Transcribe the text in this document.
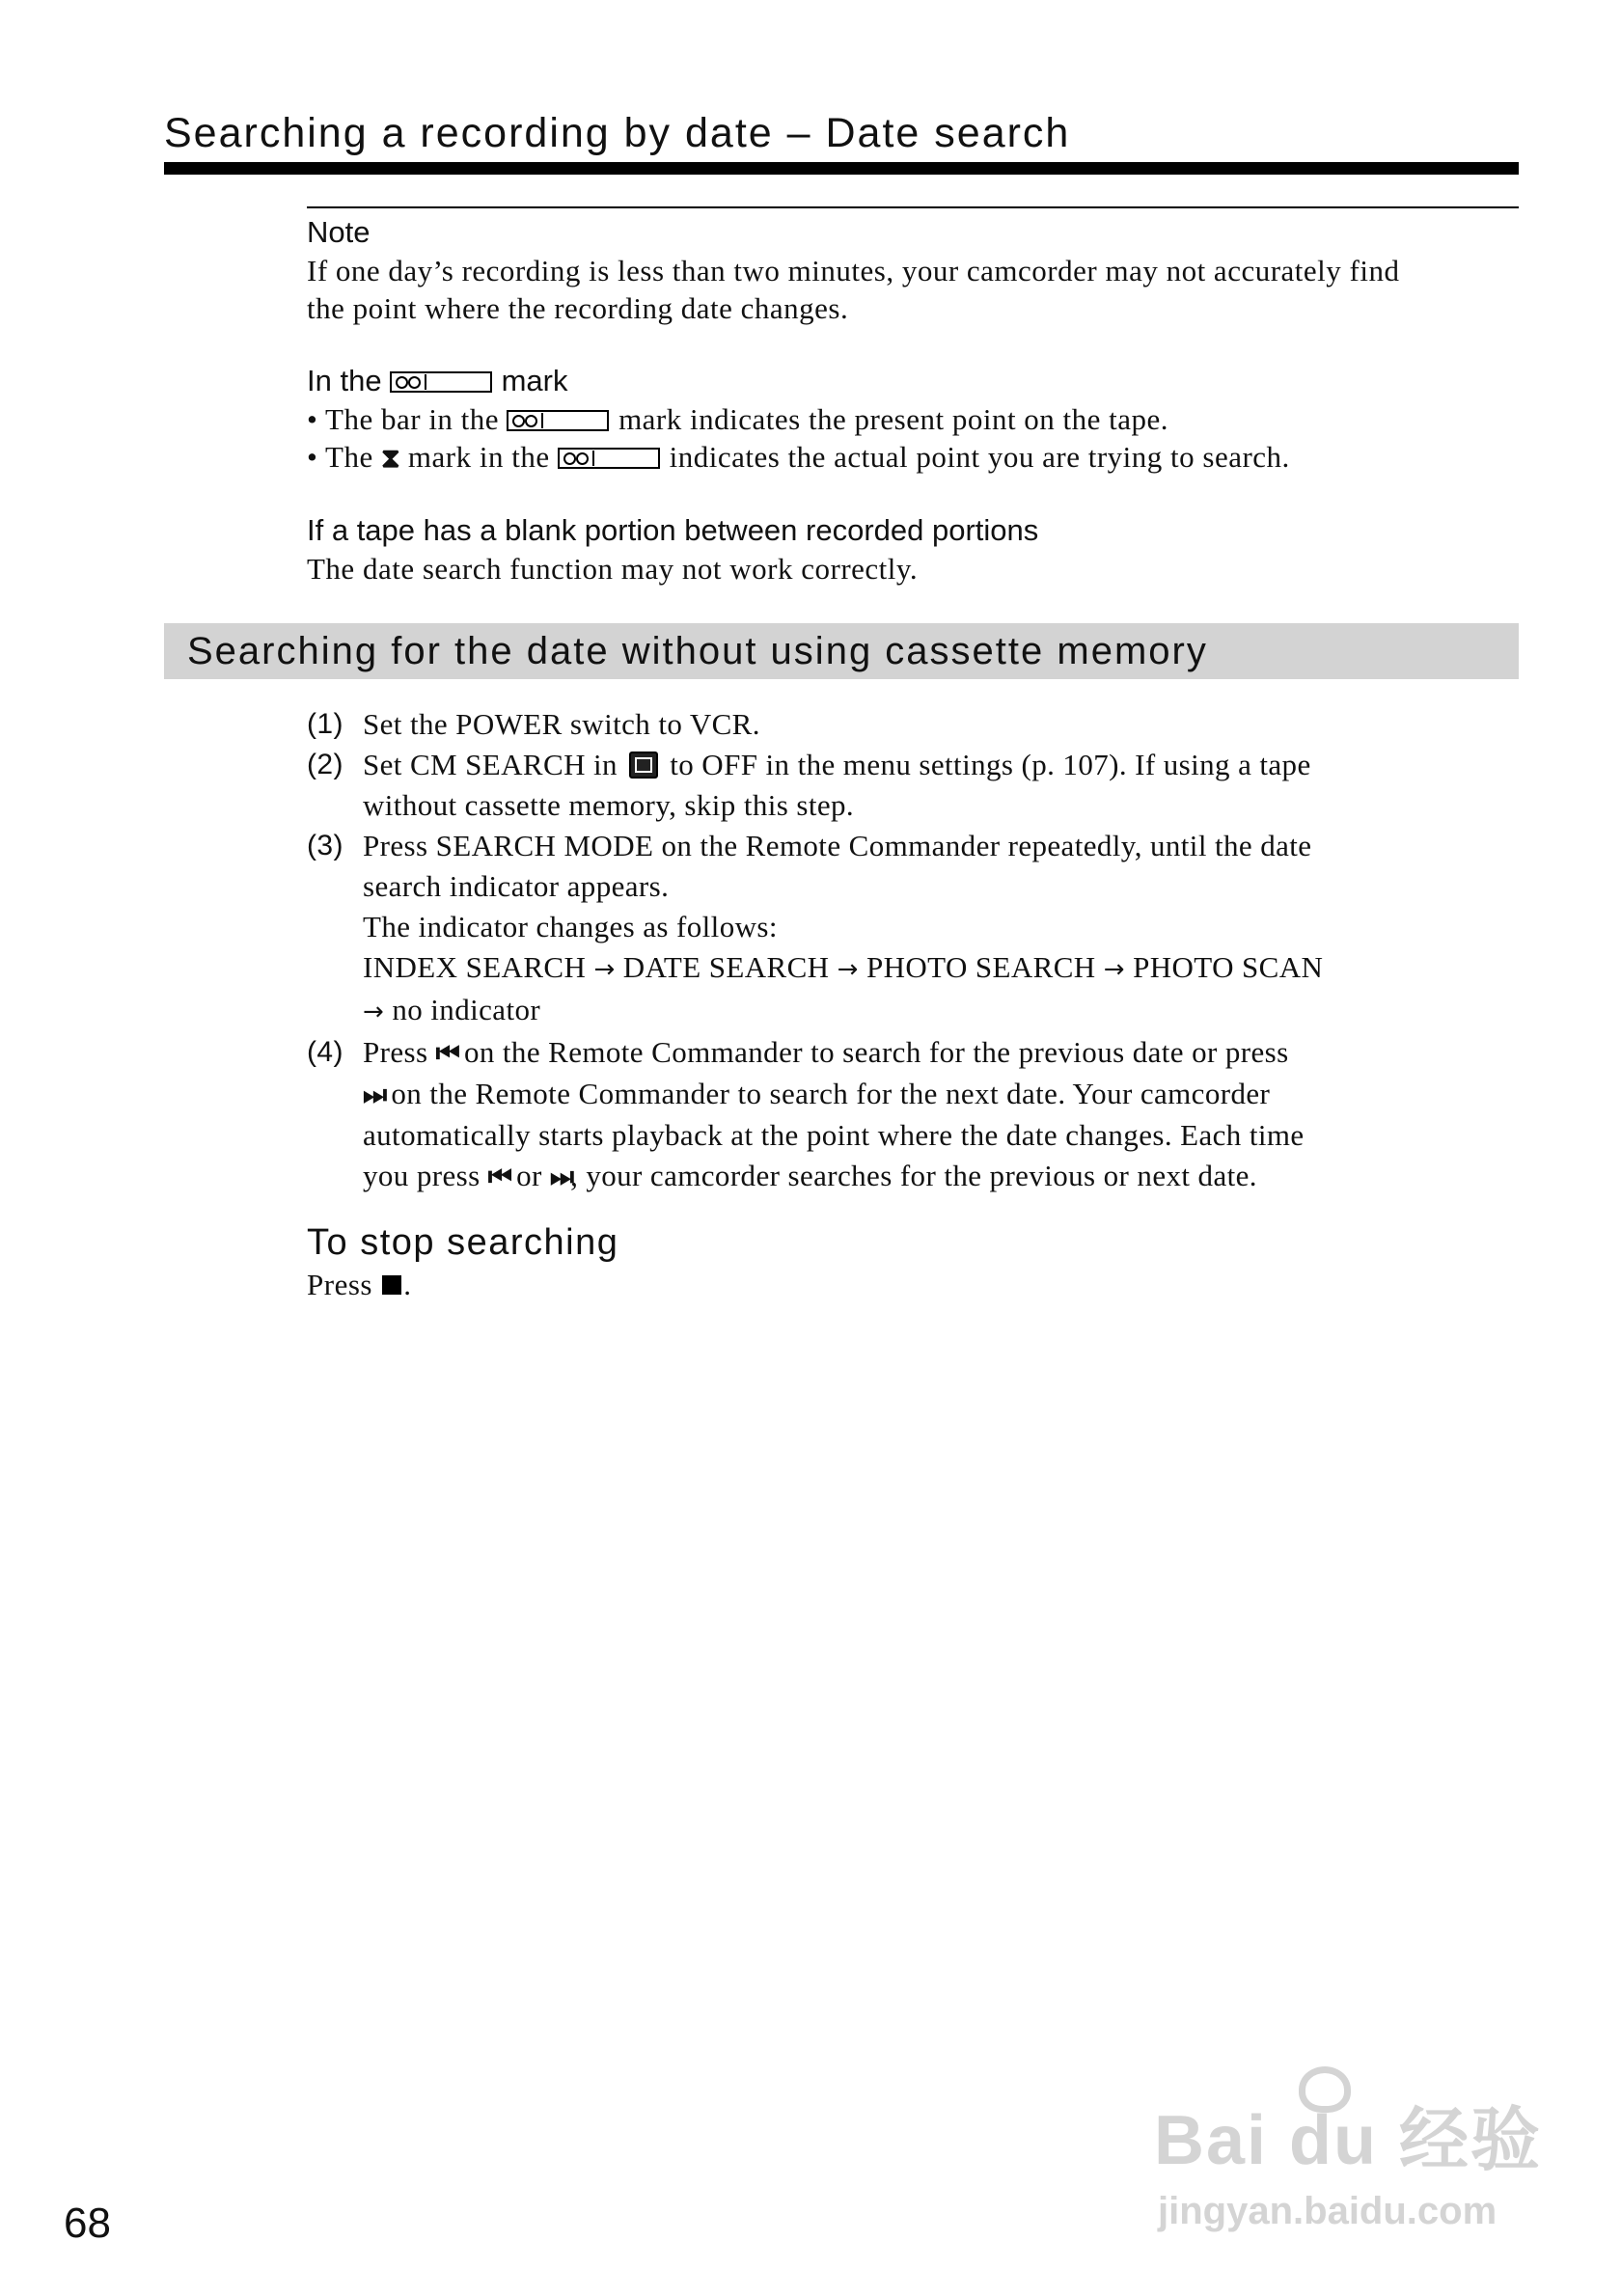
Searching a recording by date – Date search
Note
If one day’s recording is less than two minutes, your camcorder may not accurately find
the point where the recording date changes.
In the	mark
• The bar in the	mark indicates the present point on the tape.
• The ⧗ mark in the	indicates the actual point you are trying to search.
If a tape has a blank portion between recorded portions
The date search function may not work correctly.
Searching for the date without using cassette memory
(1) Set the POWER switch to VCR.
(2) Set CM SEARCH in to OFF in the menu settings (p. 107). If using a tape
without cassette memory, skip this step.
(3) Press SEARCH MODE on the Remote Commander repeatedly, until the date
search indicator appears.
The indicator changes as follows:
INDEX SEARCH → DATE SEARCH → PHOTO SEARCH → PHOTO SCAN
→ no indicator
(4) Press ⏮ on the Remote Commander to search for the previous date or press
⏭ on the Remote Commander to search for the next date. Your camcorder
automatically starts playback at the point where the date changes. Each time
you press ⏮ or ⏭, your camcorder searches for the previous or next date.
To stop searching
Press .
68
Bai du 经验
jingyan.baidu.com
